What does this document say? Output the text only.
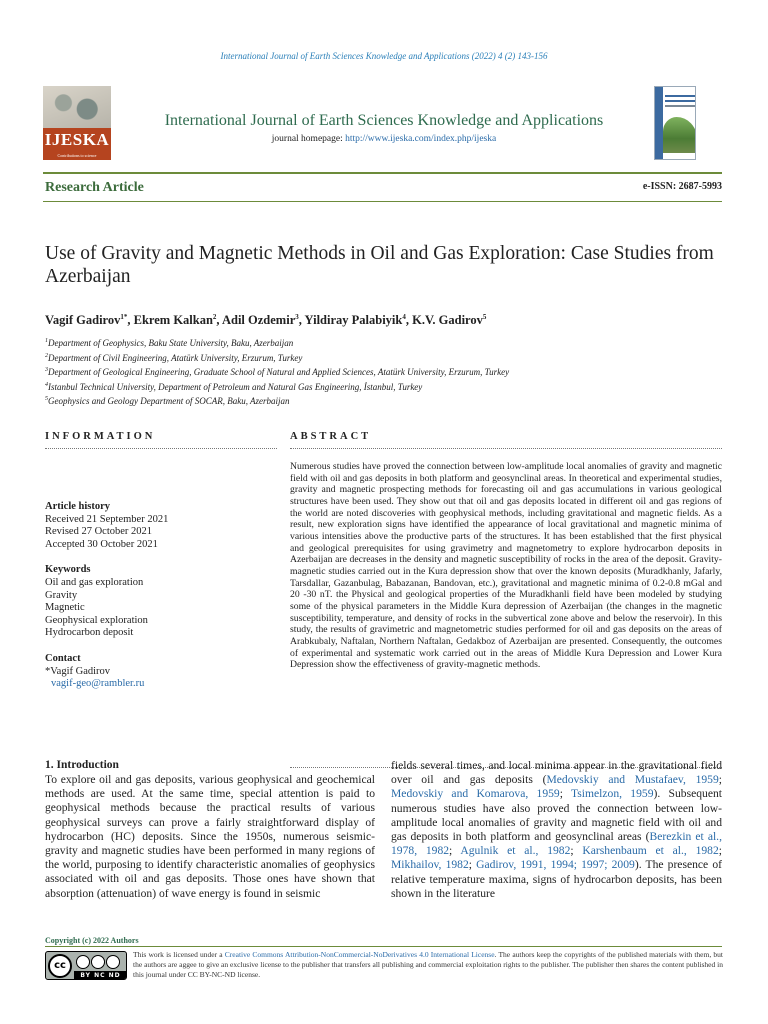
International Journal of Earth Sciences Knowledge and Applications (2022) 4 (2) 143-156
IJESKA
Contributions to science
International Journal of Earth Sciences Knowledge and Applications
journal homepage: http://www.ijeska.com/index.php/ijeska
Research Article	e-ISSN: 2687-5993
Use of Gravity and Magnetic Methods in Oil and Gas Exploration: Case Studies from Azerbaijan
Vagif Gadirov$^{1*}$, Ekrem Kalkan$^2$, Adil Ozdemir$^3$, Yildiray Palabiyik$^4$, K.V. Gadirov$^5$
$^1$Department of Geophysics, Baku State University, Baku, Azerbaijan
$^2$Department of Civil Engineering, Atatürk University, Erzurum, Turkey
$^3$Department of Geological Engineering, Graduate School of Natural and Applied Sciences, Atatürk University, Erzurum, Turkey
$^4$Istanbul Technical University, Department of Petroleum and Natural Gas Engineering, İstanbul, Turkey
$^5$Geophysics and Geology Department of SOCAR, Baku, Azerbaijan
INFORMATION	ABSTRACT
Article history
Received 21 September 2021
Revised 27 October 2021
Accepted 30 October 2021
Keywords
Oil and gas exploration
Gravity
Magnetic
Geophysical exploration
Hydrocarbon deposit
Contact
*Vagif Gadirov
vagif-geo@rambler.ru
Numerous studies have proved the connection between low-amplitude local anomalies of gravity and magnetic field with oil and gas deposits in both platform and geosynclinal areas. In theoretical and experimental studies, gravity and magnetic prospecting methods for forecasting oil and gas accumulations in various geological structures have been used. They show out that oil and gas deposits located in different oil and gas regions of the world are noted discoveries with geophysical methods, including gravitational and magnetic fields. As a result, new exploration signs have identified the appearance of local gravitational and magnetic minima of various intensities above the productive parts of the structures. It has been established that the first physical and geological prerequisites for using gravimetry and magnetometry to explore hydrocarbon deposits in Azerbaijan are decreases in the density and magnetic susceptibility of rocks in the area of the deposit. Gravity-magnetic studies carried out in the Kura depression show that over the known deposits (Muradkhanly, Jafarly, Tarsdallar, Gazanbulag, Babazanan, Bandovan, etc.), gravitational and magnetic minima of 0.2-0.8 mGal and 20 -30 nT. the Physical and geological properties of the Muradkhanli field have been modeled by studying some of the physical parameters in the Middle Kura depression of Azerbaijan (the changes in the magnetic susceptibility, temperature, and density of rocks in the subvertical zone above and below the reservoir). In this study, the results of gravimetric and magnetometric studies performed for oil and gas deposits on the areas of Arabkubaly, Naftalan, Northern Naftalan, Gedakboz of Azerbaijan are presented. Consequently, the outcomes of experimental and systematic work carried out in the areas of Middle Kura Depression and Lower Kura Depression show the effectiveness of gravity-magnetic methods.
1. Introduction
To explore oil and gas deposits, various geophysical and geochemical methods are used. At the same time, special attention is paid to geophysical methods because the practical results of various geophysical surveys can prove a fairly straightforward display of hydrocarbon (HC) deposits. Since the 1950s, numerous seismic-gravity and magnetic studies have been performed in many regions of the world, purposing to identify characteristic anomalies of geophysics associated with oil and gas deposits. Those ones have shown that absorption (attenuation) of wave energy is found in seismic
fields several times, and local minima appear in the gravitational field over oil and gas deposits (Medovskiy and Mustafaev, 1959; Medovskiy and Komarova, 1959; Tsimelzon, 1959). Subsequent numerous studies have also proved the connection between low-amplitude local anomalies of gravity and magnetic field with oil and gas deposits in both platform and geosynclinal areas (Berezkin et al., 1978, 1982; Agulnik et al., 1982; Karshenbaum et al., 1982; Mikhailov, 1982; Gadirov, 1991, 1994; 1997; 2009). The presence of relative temperature maxima, signs of hydrocarbon deposits, has been shown in the literature
Copyright (c) 2022 Authors
cc
BY NC ND
This work is licensed under a Creative Commons Attribution-NonCommercial-NoDerivatives 4.0 International License. The authors keep the copyrights of the published materials with them, but the authors are aggee to give an exclusive license to the publisher that transfers all publishing and commercial exploitation rights to the publisher. The publisher then shares the content published in this journal under CC BY-NC-ND license.
